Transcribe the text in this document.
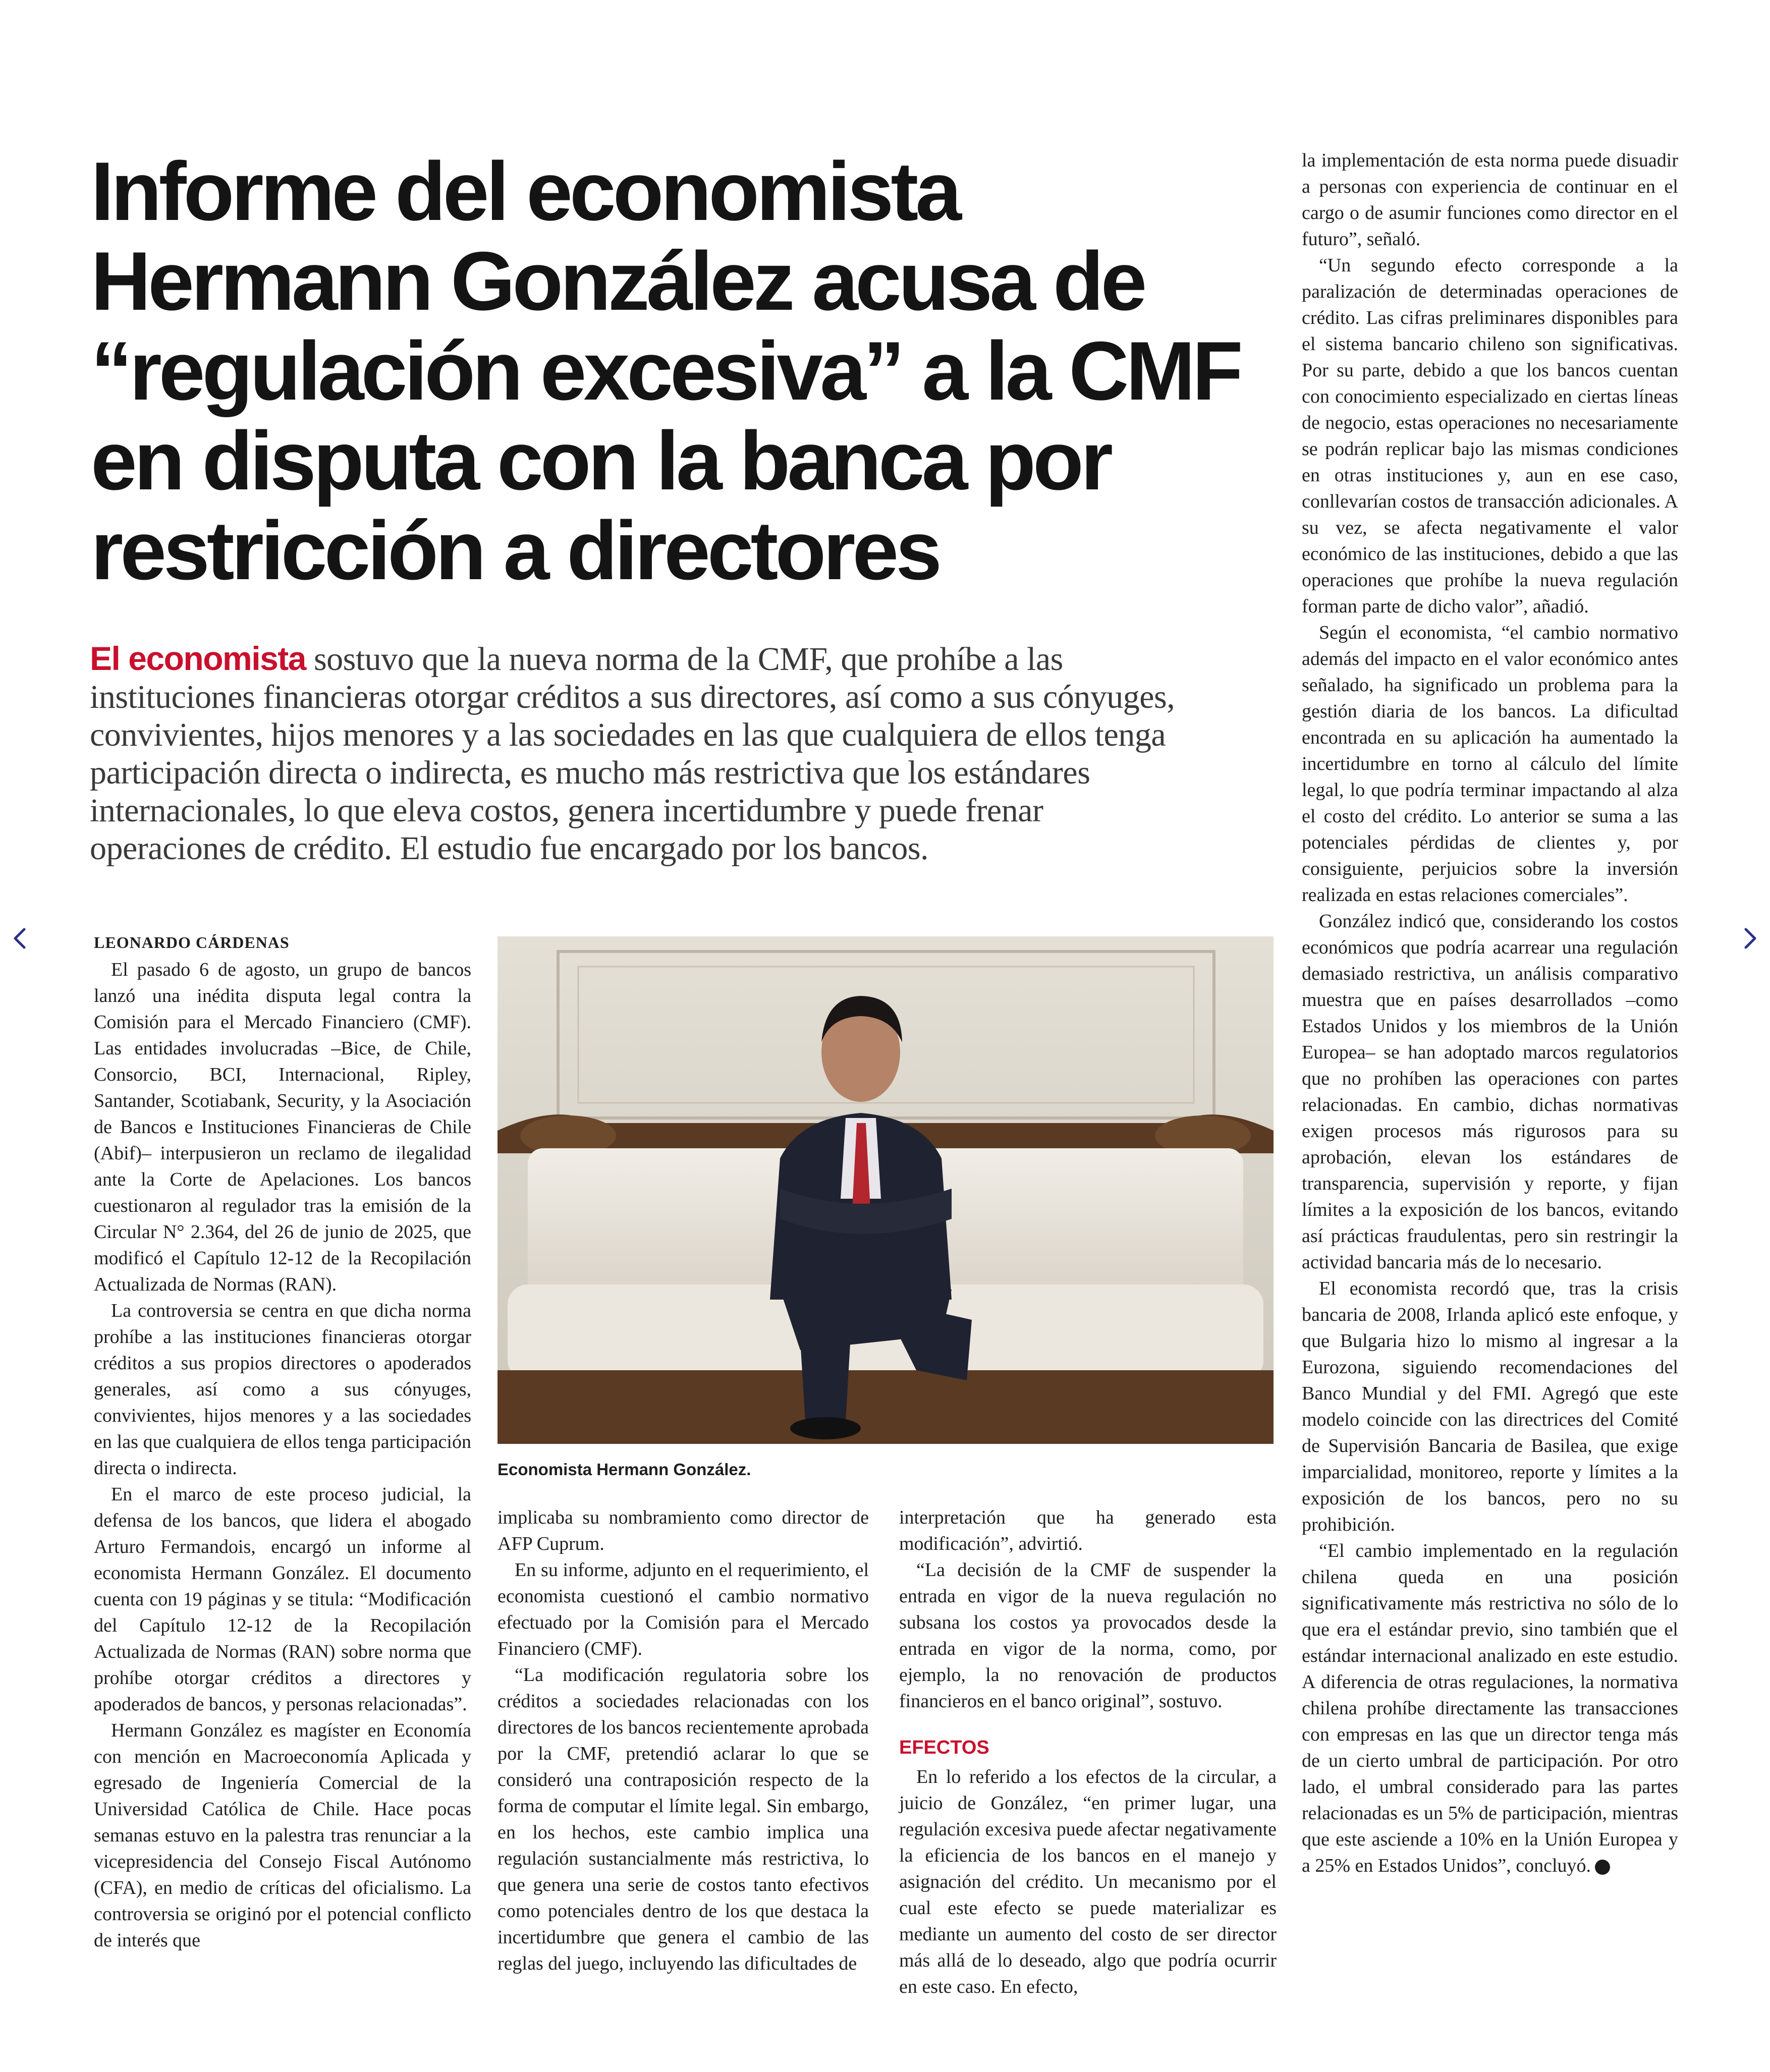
Informe del economista
Hermann González acusa de
“regulación excesiva” a la CMF
en disputa con la banca por
restricción a directores

El economista sostuvo que la nueva norma de la CMF, que prohíbe a las
instituciones financieras otorgar créditos a sus directores, así como a sus cónyuges,
convivientes, hijos menores y a las sociedades en las que cualquiera de ellos tenga
participación directa o indirecta, es mucho más restrictiva que los estándares
internacionales, lo que eleva costos, genera incertidumbre y puede frenar
operaciones de crédito. El estudio fue encargado por los bancos.

LEONARDO CÁRDENAS

El pasado 6 de agosto, un grupo de bancos lanzó una inédita disputa legal contra la Comisión para el Mercado Financiero (CMF). Las entidades involucradas –Bice, de Chile, Consorcio, BCI, Internacional, Ripley, Santander, Scotiabank, Security, y la Asociación de Bancos e Instituciones Financieras de Chile (Abif)– interpusieron un reclamo de ilegalidad ante la Corte de Apelaciones. Los bancos cuestionaron al regulador tras la emisión de la Circular N° 2.364, del 26 de junio de 2025, que modificó el Capítulo 12-12 de la Recopilación Actualizada de Normas (RAN).

La controversia se centra en que dicha norma prohíbe a las instituciones financieras otorgar créditos a sus propios directores o apoderados generales, así como a sus cónyuges, convivientes, hijos menores y a las sociedades en las que cualquiera de ellos tenga participación directa o indirecta.

En el marco de este proceso judicial, la defensa de los bancos, que lidera el abogado Arturo Fermandois, encargó un informe al economista Hermann González. El documento cuenta con 19 páginas y se titula: “Modificación del Capítulo 12-12 de la Recopilación Actualizada de Normas (RAN) sobre norma que prohíbe otorgar créditos a directores y apoderados de bancos, y personas relacionadas”.

Hermann González es magíster en Economía con mención en Macroeconomía Aplicada y egresado de Ingeniería Comercial de la Universidad Católica de Chile. Hace pocas semanas estuvo en la palestra tras renunciar a la vicepresidencia del Consejo Fiscal Autónomo (CFA), en medio de críticas del oficialismo. La controversia se originó por el potencial conflicto de interés que

Economista Hermann González.

implicaba su nombramiento como director de AFP Cuprum.

En su informe, adjunto en el requerimiento, el economista cuestionó el cambio normativo efectuado por la Comisión para el Mercado Financiero (CMF).

“La modificación regulatoria sobre los créditos a sociedades relacionadas con los directores de los bancos recientemente aprobada por la CMF, pretendió aclarar lo que se consideró una contraposición respecto de la forma de computar el límite legal. Sin embargo, en los hechos, este cambio implica una regulación sustancialmente más restrictiva, lo que genera una serie de costos tanto efectivos como potenciales dentro de los que destaca la incertidumbre que genera el cambio de las reglas del juego, incluyendo las dificultades de

interpretación que ha generado esta modificación”, advirtió.

“La decisión de la CMF de suspender la entrada en vigor de la nueva regulación no subsana los costos ya provocados desde la entrada en vigor de la norma, como, por ejemplo, la no renovación de productos financieros en el banco original”, sostuvo.

EFECTOS

En lo referido a los efectos de la circular, a juicio de González, “en primer lugar, una regulación excesiva puede afectar negativamente la eficiencia de los bancos en el manejo y asignación del crédito. Un mecanismo por el cual este efecto se puede materializar es mediante un aumento del costo de ser director más allá de lo deseado, algo que podría ocurrir en este caso. En efecto,

la implementación de esta norma puede disuadir a personas con experiencia de continuar en el cargo o de asumir funciones como director en el futuro”, señaló.

“Un segundo efecto corresponde a la paralización de determinadas operaciones de crédito. Las cifras preliminares disponibles para el sistema bancario chileno son significativas. Por su parte, debido a que los bancos cuentan con conocimiento especializado en ciertas líneas de negocio, estas operaciones no necesariamente se podrán replicar bajo las mismas condiciones en otras instituciones y, aun en ese caso, conllevarían costos de transacción adicionales. A su vez, se afecta negativamente el valor económico de las instituciones, debido a que las operaciones que prohíbe la nueva regulación forman parte de dicho valor”, añadió.

Según el economista, “el cambio normativo además del impacto en el valor económico antes señalado, ha significado un problema para la gestión diaria de los bancos. La dificultad encontrada en su aplicación ha aumentado la incertidumbre en torno al cálculo del límite legal, lo que podría terminar impactando al alza el costo del crédito. Lo anterior se suma a las potenciales pérdidas de clientes y, por consiguiente, perjuicios sobre la inversión realizada en estas relaciones comerciales”.

González indicó que, considerando los costos económicos que podría acarrear una regulación demasiado restrictiva, un análisis comparativo muestra que en países desarrollados –como Estados Unidos y los miembros de la Unión Europea– se han adoptado marcos regulatorios que no prohíben las operaciones con partes relacionadas. En cambio, dichas normativas exigen procesos más rigurosos para su aprobación, elevan los estándares de transparencia, supervisión y reporte, y fijan límites a la exposición de los bancos, evitando así prácticas fraudulentas, pero sin restringir la actividad bancaria más de lo necesario.

El economista recordó que, tras la crisis bancaria de 2008, Irlanda aplicó este enfoque, y que Bulgaria hizo lo mismo al ingresar a la Eurozona, siguiendo recomendaciones del Banco Mundial y del FMI. Agregó que este modelo coincide con las directrices del Comité de Supervisión Bancaria de Basilea, que exige imparcialidad, monitoreo, reporte y límites a la exposición de los bancos, pero no su prohibición.

“El cambio implementado en la regulación chilena queda en una posición significativamente más restrictiva no sólo de lo que era el estándar previo, sino también que el estándar internacional analizado en este estudio. A diferencia de otras regulaciones, la normativa chilena prohíbe directamente las transacciones con empresas en las que un director tenga más de un cierto umbral de participación. Por otro lado, el umbral considerado para las partes relacionadas es un 5% de participación, mientras que este asciende a 10% en la Unión Europea y a 25% en Estados Unidos”, concluyó. P
